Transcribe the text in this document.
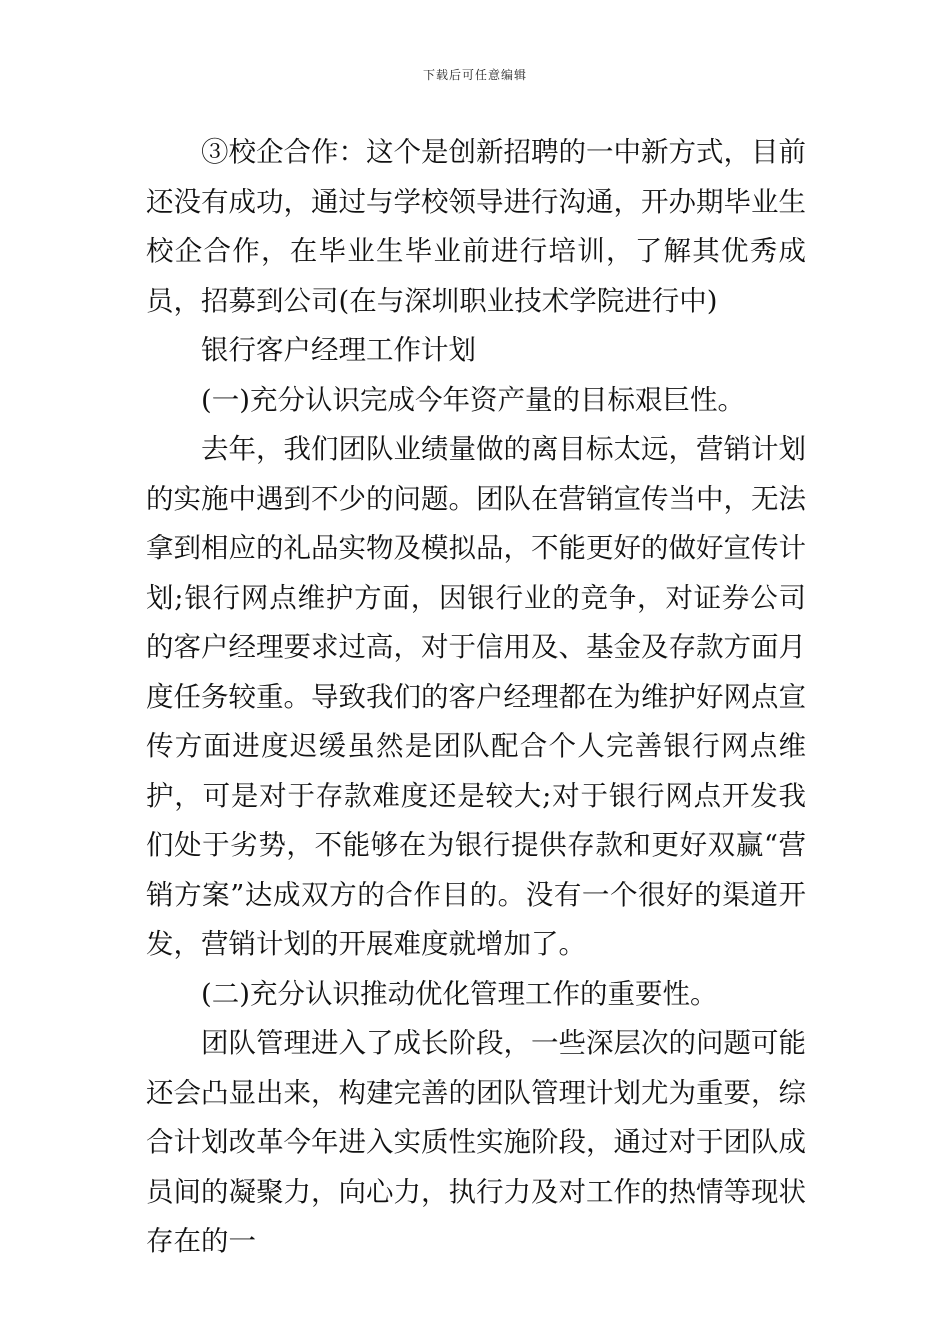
下载后可任意编辑

③校企合作：这个是创新招聘的一中新方式，目前还没有成功，通过与学校领导进行沟通，开办期毕业生校企合作，在毕业生毕业前进行培训，了解其优秀成员，招募到公司(在与深圳职业技术学院进行中)

银行客户经理工作计划

(一)充分认识完成今年资产量的目标艰巨性。

去年，我们团队业绩量做的离目标太远，营销计划的实施中遇到不少的问题。团队在营销宣传当中，无法拿到相应的礼品实物及模拟品，不能更好的做好宣传计划;银行网点维护方面，因银行业的竞争，对证券公司的客户经理要求过高，对于信用及、基金及存款方面月度任务较重。导致我们的客户经理都在为维护好网点宣传方面进度迟缓虽然是团队配合个人完善银行网点维护，可是对于存款难度还是较大;对于银行网点开发我们处于劣势，不能够在为银行提供存款和更好双赢“营销方案”达成双方的合作目的。没有一个很好的渠道开发，营销计划的开展难度就增加了。

(二)充分认识推动优化管理工作的重要性。

团队管理进入了成长阶段，一些深层次的问题可能还会凸显出来，构建完善的团队管理计划尤为重要，综合计划改革今年进入实质性实施阶段，通过对于团队成员间的凝聚力，向心力，执行力及对工作的热情等现状存在的一
